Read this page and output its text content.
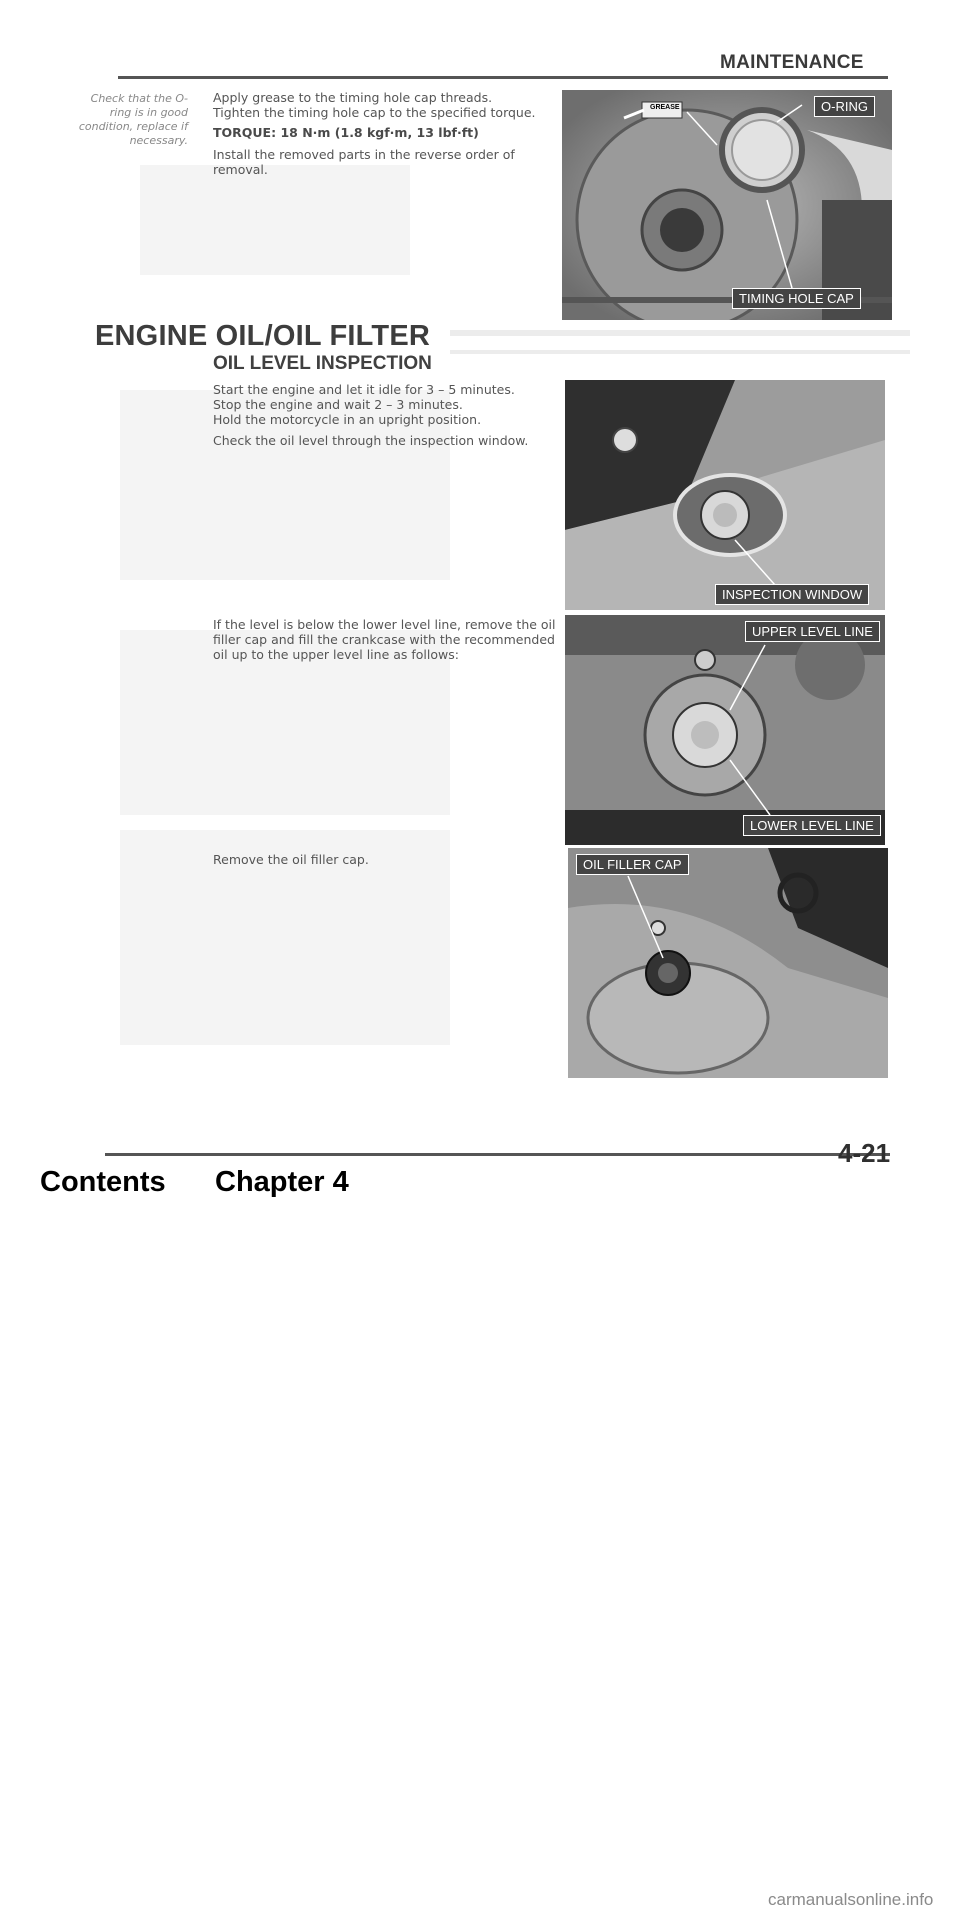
MAINTENANCE
Check that the O-ring is in good condition, replace if necessary.
Apply grease to the timing hole cap threads.
Tighten the timing hole cap to the specified torque.
TORQUE: 18 N·m (1.8 kgf·m, 13 lbf·ft)
Install the removed parts in the reverse order of removal.
GREASE	O-RING
TIMING HOLE CAP
ENGINE OIL/OIL FILTER
OIL LEVEL INSPECTION
Start the engine and let it idle for 3 – 5 minutes.
Stop the engine and wait 2 – 3 minutes.
Hold the motorcycle in an upright position.
Check the oil level through the inspection window.
INSPECTION WINDOW
If the level is below the lower level line, remove the oil filler cap and fill the crankcase with the recommended oil up to the upper level line as follows:
UPPER LEVEL LINE
LOWER LEVEL LINE
Remove the oil filler cap.	OIL FILLER CAP
4-21
Contents Chapter 4
carmanualsonline.info
